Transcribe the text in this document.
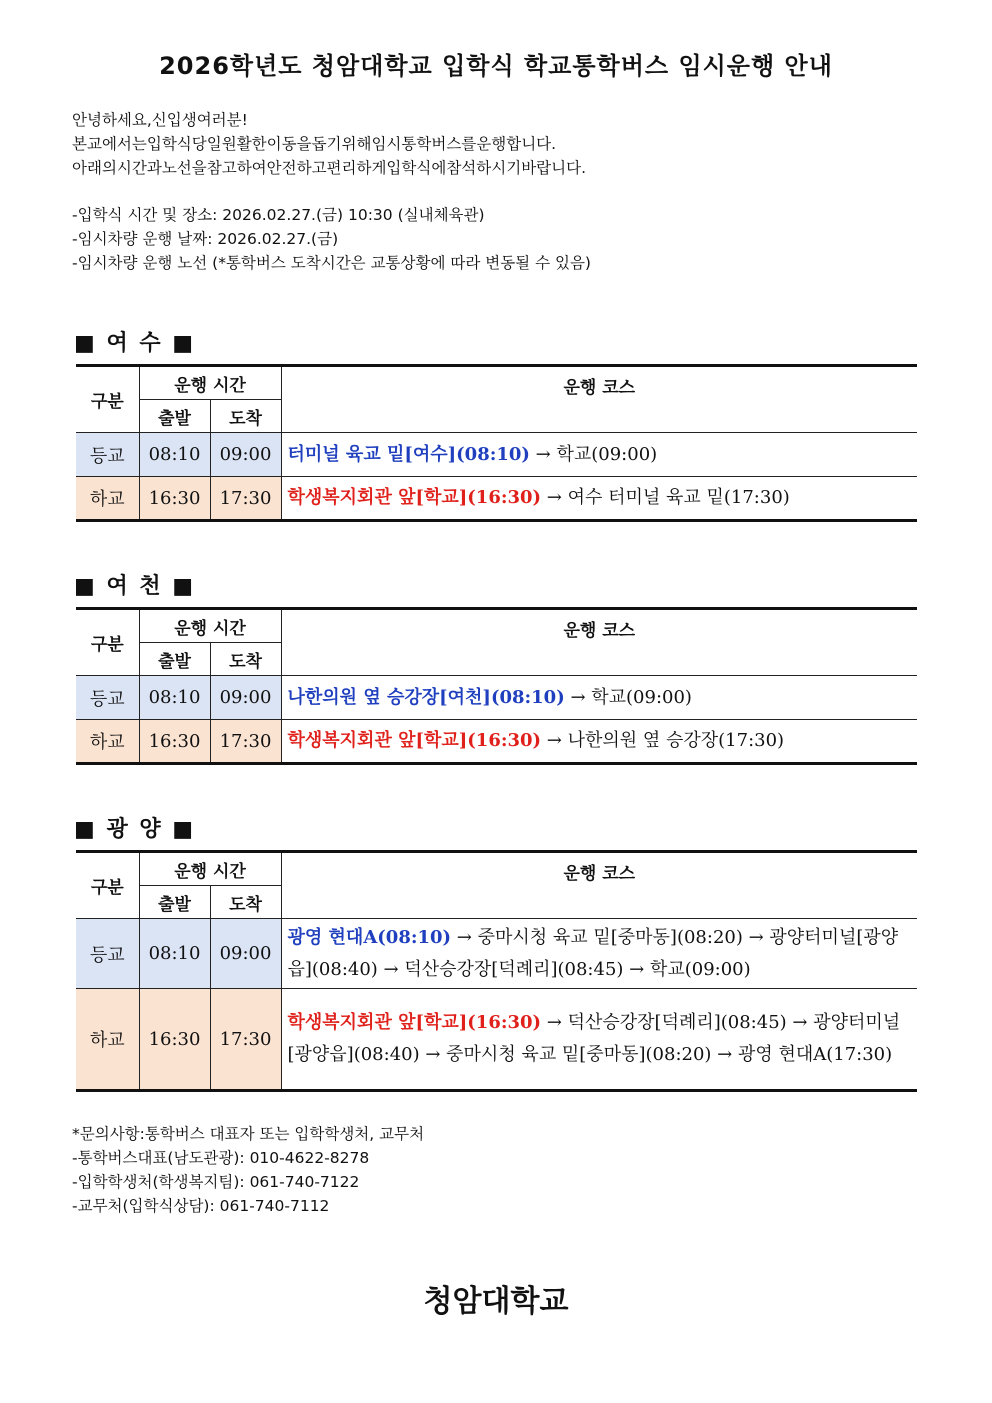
2026학년도 청암대학교 입학식 학교통학버스 임시운행 안내
안녕하세요,신입생여러분!
본교에서는입학식당일원활한이동을돕기위해임시통학버스를운행합니다.
아래의시간과노선을참고하여안전하고편리하게입학식에참석하시기바랍니다.
-입학식 시간 및 장소: 2026.02.27.(금) 10:30 (실내체육관)
-임시차량 운행 날짜: 2026.02.27.(금)
-임시차량 운행 노선 (*통학버스 도착시간은 교통상황에 따라 변동될 수 있음)
■ 여 수 ■
구분	운행 시간		운행 코스
	출발	도착	
등교	08:10	09:00	터미널 육교 밑[여수](08:10) → 학교(09:00)
하교	16:30	17:30	학생복지회관 앞[학교](16:30) → 여수 터미널 육교 밑(17:30)
■ 여 천 ■
구분	운행 시간		운행 코스
	출발	도착	
등교	08:10	09:00	나한의원 옆 승강장[여천](08:10) → 학교(09:00)
하교	16:30	17:30	학생복지회관 앞[학교](16:30) → 나한의원 옆 승강장(17:30)
■ 광 양 ■
구분	운행 시간		운행 코스
	출발	도착	
등교	08:10	09:00	광영 현대A(08:10) → 중마시청 육교 밑[중마동](08:20) → 광양터미널[광양읍](08:40) → 덕산승강장[덕례리](08:45) → 학교(09:00)
하교	16:30	17:30	학생복지회관 앞[학교](16:30) → 덕산승강장[덕례리](08:45) → 광양터미널[광양읍](08:40) → 중마시청 육교 밑[중마동](08:20) → 광영 현대A(17:30)
*문의사항:통학버스 대표자 또는 입학학생처, 교무처
-통학버스대표(남도관광): 010-4622-8278
-입학학생처(학생복지팀): 061-740-7122
-교무처(입학식상담): 061-740-7112
청암대학교
